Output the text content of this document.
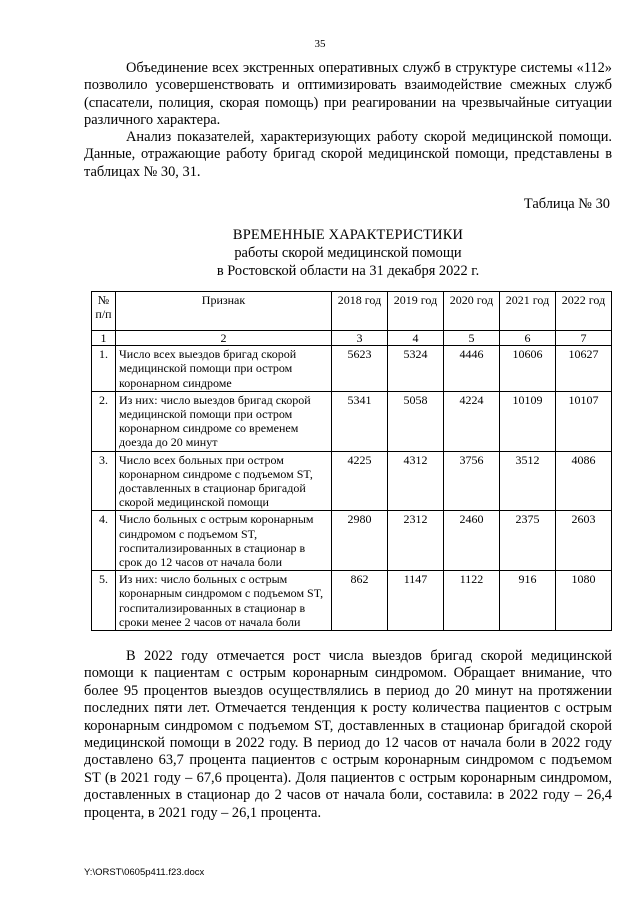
35

Объединение всех экстренных оперативных служб в структуре системы «112» позволило усовершенствовать и оптимизировать взаимодействие смежных служб (спасатели, полиция, скорая помощь) при реагировании на чрезвычайные ситуации различного характера.

Анализ показателей, характеризующих работу скорой медицинской помощи. Данные, отражающие работу бригад скорой медицинской помощи, представлены в таблицах № 30, 31.

Таблица № 30
ВРЕМЕННЫЕ ХАРАКТЕРИСТИКИ
работы скорой медицинской помощи
в Ростовской области на 31 декабря 2022 г.
№ п/п	Признак	2018 год	2019 год	2020 год	2021 год	2022 год
1	2	3	4	5	6	7
1.	Число всех выездов бригад скорой медицинской помощи при остром коронарном синдроме	5623	5324	4446	10606	10627
2.	Из них: число выездов бригад скорой медицинской помощи при остром коронарном синдроме со временем доезда до 20 минут	5341	5058	4224	10109	10107
3.	Число всех больных при остром коронарном синдроме с подъемом ST, доставленных в стационар бригадой скорой медицинской помощи	4225	4312	3756	3512	4086
4.	Число больных с острым коронарным синдромом с подъемом ST, госпитализированных в стационар в срок до 12 часов от начала боли	2980	2312	2460	2375	2603
5.	Из них: число больных с острым коронарным синдромом с подъемом ST, госпитализированных в стационар в сроки менее 2 часов от начала боли	862	1147	1122	916	1080

В 2022 году отмечается рост числа выездов бригад скорой медицинской помощи к пациентам с острым коронарным синдромом. Обращает внимание, что более 95 процентов выездов осуществлялись в период до 20 минут на протяжении последних пяти лет. Отмечается тенденция к росту количества пациентов с острым коронарным синдромом с подъемом ST, доставленных в стационар бригадой скорой медицинской помощи в 2022 году. В период до 12 часов от начала боли в 2022 году доставлено 63,7 процента пациентов с острым коронарным синдромом с подъемом ST (в 2021 году – 67,6 процента). Доля пациентов с острым коронарным синдромом, доставленных в стационар до 2 часов от начала боли, составила: в 2022 году – 26,4 процента, в 2021 году – 26,1 процента.

Y:\ORST\0605p411.f23.docx
